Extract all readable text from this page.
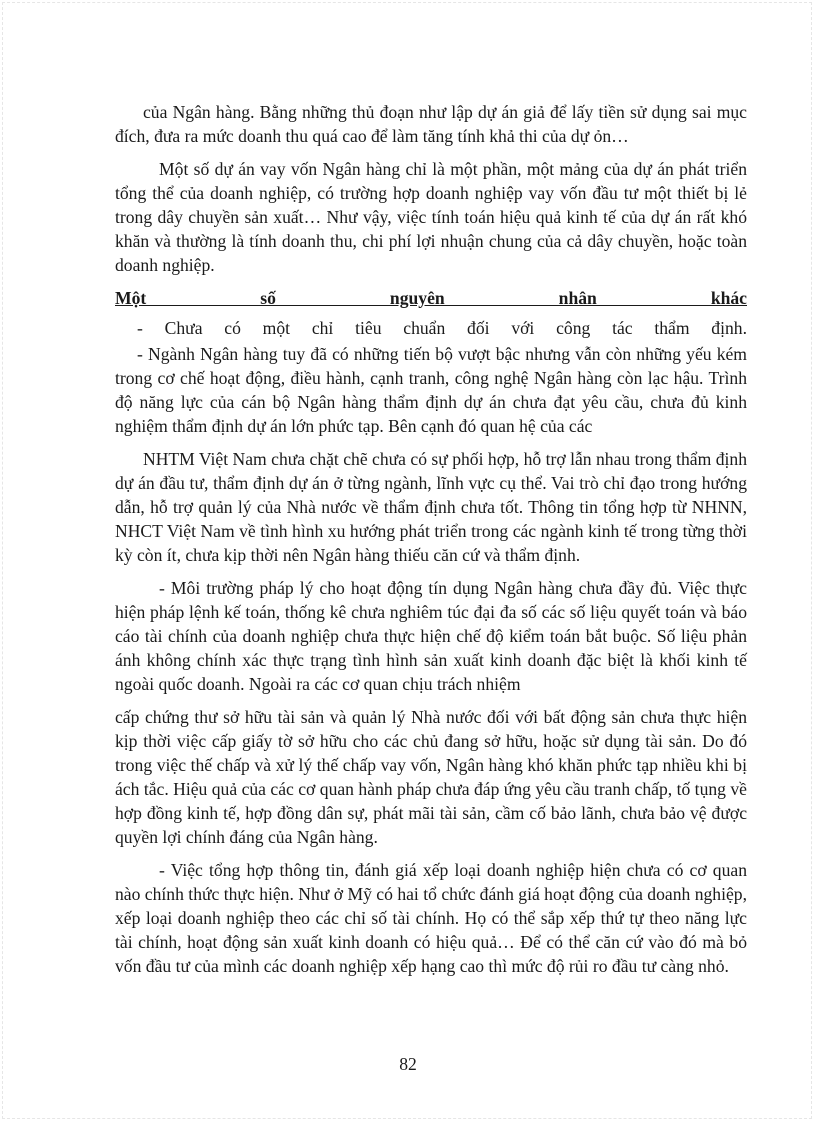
của Ngân hàng. Bằng những thủ đoạn như lập dự án giả để lấy tiền sử dụng sai mục đích, đưa ra mức doanh thu quá cao để làm tăng tính khả thi của dự ỏn…

Một số dự án vay vốn Ngân hàng chỉ là một phần, một mảng của dự án phát triển tổng thể của doanh nghiệp, có trường hợp doanh nghiệp vay vốn đầu tư một thiết bị lẻ trong dây chuyền sản xuất… Như vậy, việc tính toán hiệu quả kinh tế của dự án rất khó khăn và thường là tính doanh thu, chi phí lợi nhuận chung của cả dây chuyền, hoặc toàn doanh nghiệp.

Một số nguyên nhân khác

- Chưa có một chỉ tiêu chuẩn đối với công tác thẩm định.

- Ngành Ngân hàng tuy đã có những tiến bộ vượt bậc nhưng vẫn còn những yếu kém trong cơ chế hoạt động, điều hành, cạnh tranh, công nghệ Ngân hàng còn lạc hậu. Trình độ năng lực của cán bộ Ngân hàng thẩm định dự án chưa đạt yêu cầu, chưa đủ kinh nghiệm thẩm định dự án lớn phức tạp. Bên cạnh đó quan hệ của các

NHTM Việt Nam chưa chặt chẽ chưa có sự phối hợp, hỗ trợ lẫn nhau trong thẩm định dự án đầu tư, thẩm định dự án ở từng ngành, lĩnh vực cụ thể. Vai trò chỉ đạo trong hướng dẫn, hỗ trợ quản lý của Nhà nước về thẩm định chưa tốt. Thông tin tổng hợp từ NHNN, NHCT Việt Nam về tình hình xu hướng phát triển trong các ngành kinh tế trong từng thời kỳ còn ít, chưa kịp thời nên Ngân hàng thiếu căn cứ và thẩm định.

- Môi trường pháp lý cho hoạt động tín dụng Ngân hàng chưa đầy đủ. Việc thực hiện pháp lệnh kế toán, thống kê chưa nghiêm túc đại đa số các số liệu quyết toán và báo cáo tài chính của doanh nghiệp chưa thực hiện chế độ kiểm toán bắt buộc. Số liệu phản ánh không chính xác thực trạng tình hình sản xuất kinh doanh đặc biệt là khối kinh tế ngoài quốc doanh. Ngoài ra các cơ quan chịu trách nhiệm

cấp chứng thư sở hữu tài sản và quản lý Nhà nước đối với bất động sản chưa thực hiện kịp thời việc cấp giấy tờ sở hữu cho các chủ đang sở hữu, hoặc sử dụng tài sản. Do đó trong việc thế chấp và xử lý thế chấp vay vốn, Ngân hàng khó khăn phức tạp nhiều khi bị ách tắc. Hiệu quả của các cơ quan hành pháp chưa đáp ứng yêu cầu tranh chấp, tố tụng về hợp đồng kinh tế, hợp đồng dân sự, phát mãi tài sản, cầm cố bảo lãnh, chưa bảo vệ được quyền lợi chính đáng của Ngân hàng.

- Việc tổng hợp thông tin, đánh giá xếp loại doanh nghiệp hiện chưa có cơ quan nào chính thức thực hiện. Như ở Mỹ có hai tổ chức đánh giá hoạt động của doanh nghiệp, xếp loại doanh nghiệp theo các chỉ số tài chính. Họ có thể sắp xếp thứ tự theo năng lực tài chính, hoạt động sản xuất kinh doanh có hiệu quả… Để có thể căn cứ vào đó mà bỏ vốn đầu tư của mình các doanh nghiệp xếp hạng cao thì mức độ rủi ro đầu tư càng nhỏ.

82
